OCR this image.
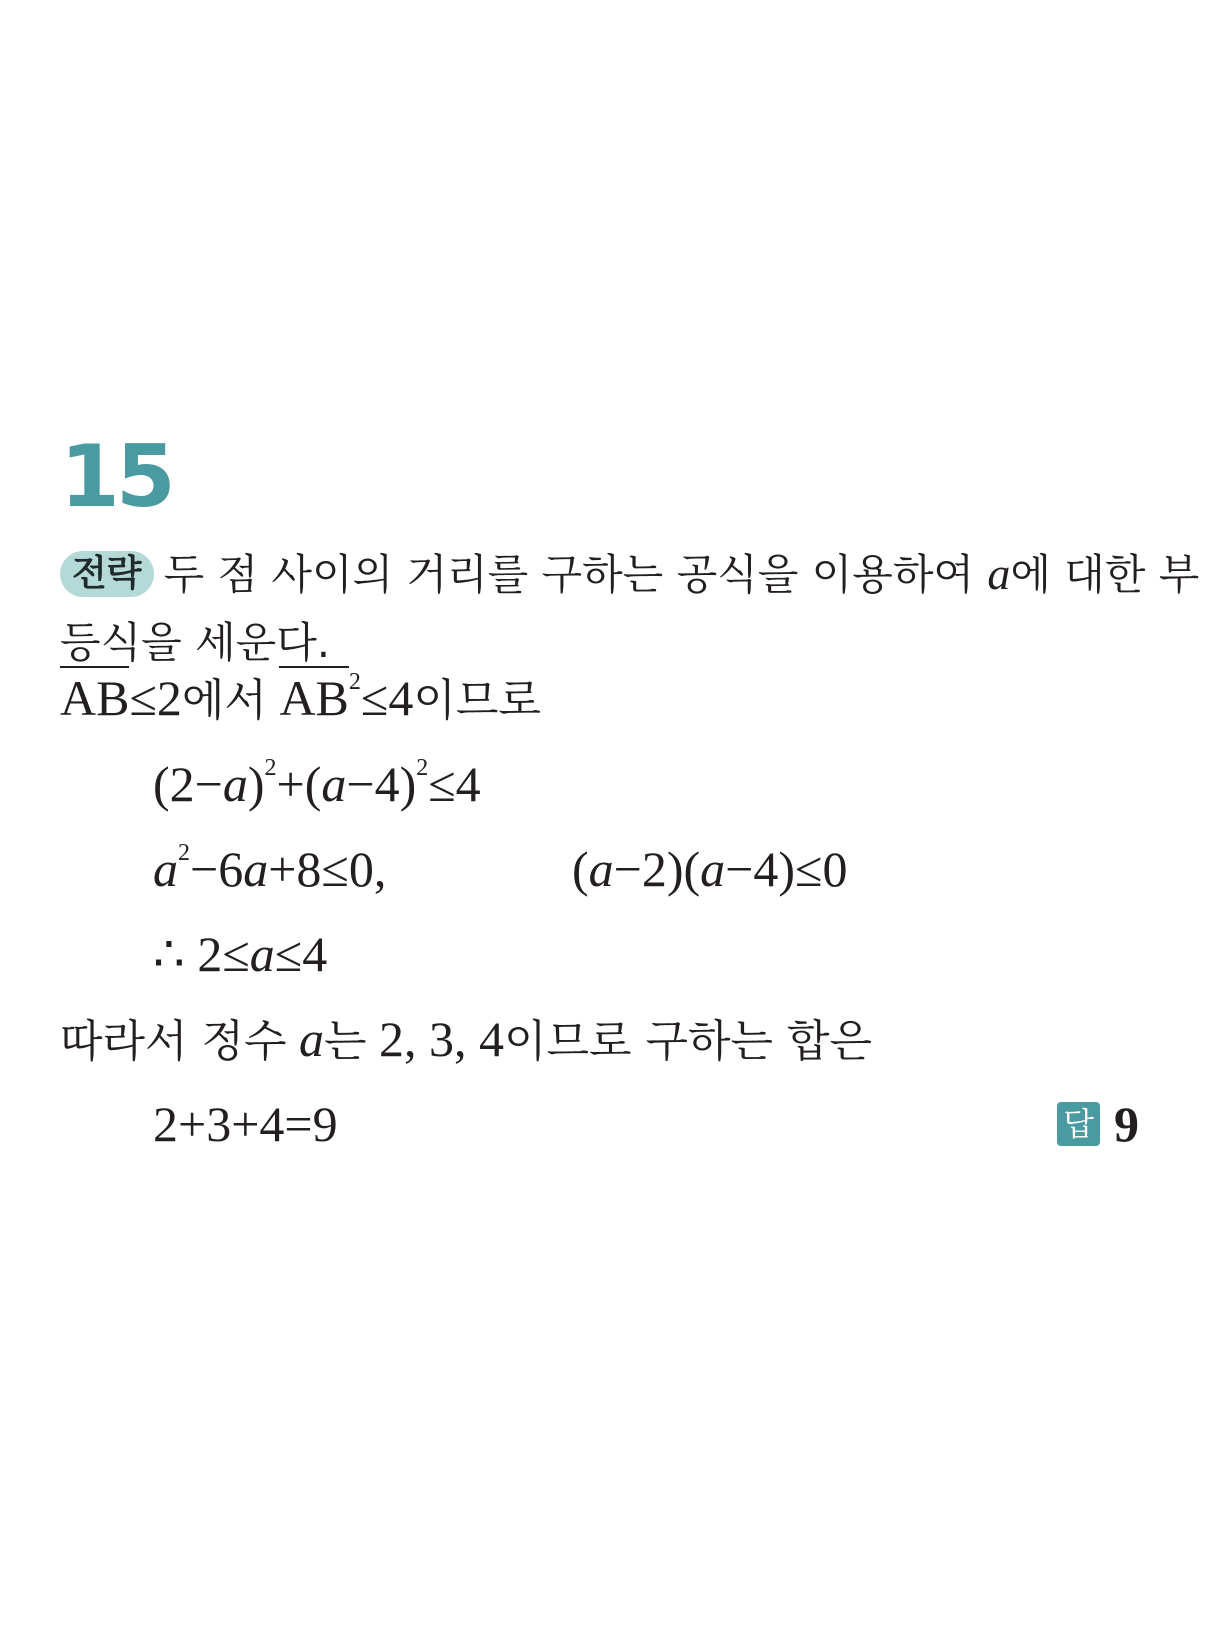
15
전략 두 점 사이의 거리를 구하는 공식을 이용하여 a에 대한 부등식을 세운다.
AB≤2에서 $AB^2\le 4$이므로
$(2-a)^2+(a-4)^2\le 4$
$a^2-6a+8\le 0$,	(a−2)(a−4)≤0
∴ 2≤a≤4
따라서 정수 a는 2, 3, 4이므로 구하는 합은
2+3+4=9	답 9
